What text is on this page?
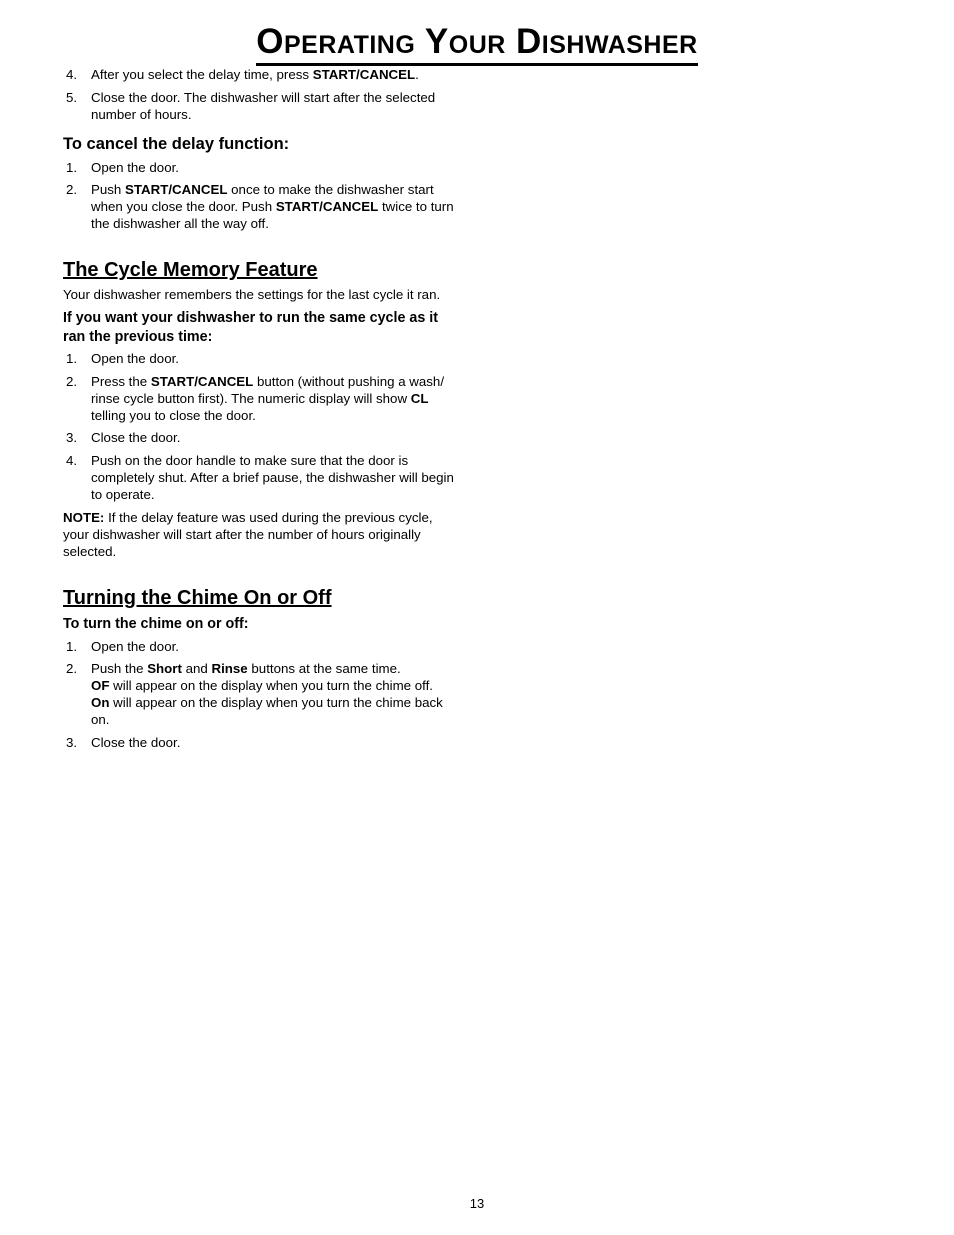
Operating Your Dishwasher
4. After you select the delay time, press START/CANCEL.
5. Close the door. The dishwasher will start after the selected
number of hours.
To cancel the delay function:
1. Open the door.
2. Push START/CANCEL once to make the dishwasher start
when you close the door. Push START/CANCEL twice to turn
the dishwasher all the way off.
The Cycle Memory Feature

Your dishwasher remembers the settings for the last cycle it ran.

If you want your dishwasher to run the same cycle as it
ran the previous time:
1. Open the door.
2. Press the START/CANCEL button (without pushing a wash/
rinse cycle button first). The numeric display will show CL
telling you to close the door.
3. Close the door.
4. Push on the door handle to make sure that the door is
completely shut. After a brief pause, the dishwasher will begin
to operate.

NOTE: If the delay feature was used during the previous cycle,
your dishwasher will start after the number of hours originally
selected.

Turning the Chime On or Off
To turn the chime on or off:
1. Open the door.
2. Push the Short and Rinse buttons at the same time.
OF will appear on the display when you turn the chime off.
On will appear on the display when you turn the chime back
on.
3. Close the door.
13
